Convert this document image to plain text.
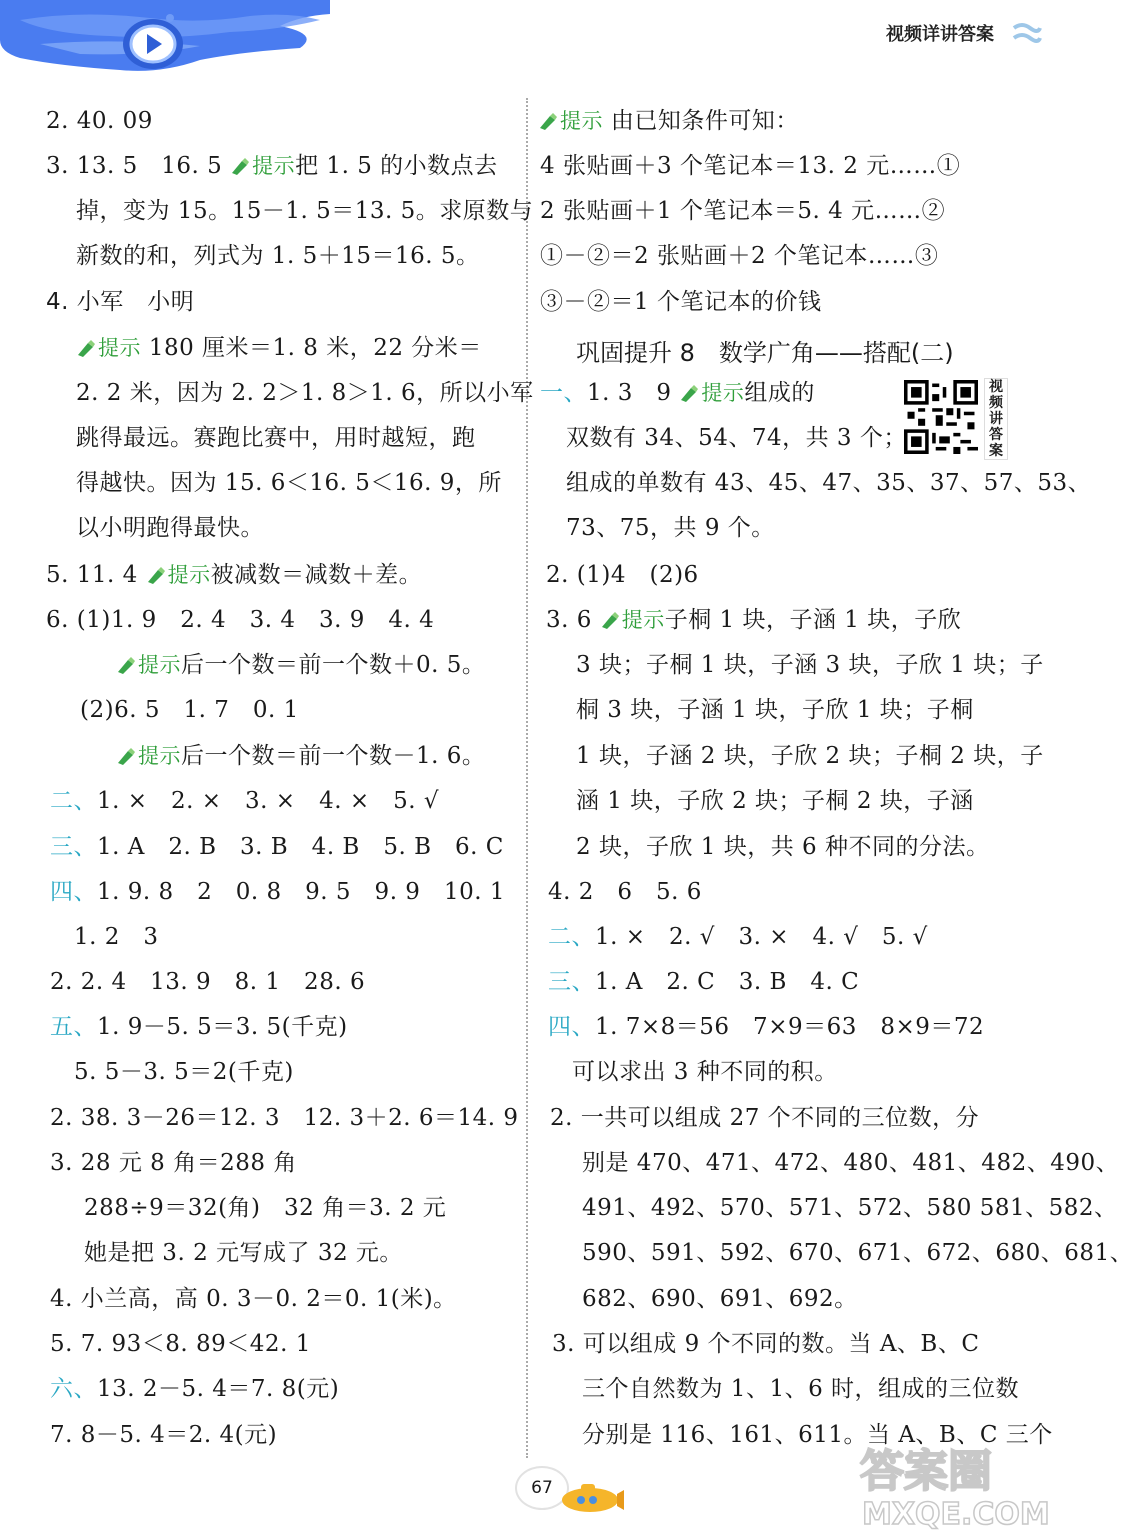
视频详讲答案
2. 40. 09
3. 13. 5　16. 5 提示把 1. 5 的小数点去
掉，变为 15。15－1. 5＝13. 5。求原数与
新数的和，列式为 1. 5＋15＝16. 5。
4. 小军　小明
提示 180 厘米＝1. 8 米，22 分米＝
2. 2 米，因为 2. 2＞1. 8＞1. 6，所以小军
跳得最远。赛跑比赛中，用时越短，跑
得越快。因为 15. 6＜16. 5＜16. 9，所
以小明跑得最快。
5. 11. 4 提示被减数＝减数＋差。
6. (1)1. 9　2. 4　3. 4　3. 9　4. 4
提示后一个数＝前一个数＋0. 5。
(2)6. 5　1. 7　0. 1
提示后一个数＝前一个数－1. 6。
二、1. ×　2. ×　3. ×　4. ×　5. √
三、1. A　2. B　3. B　4. B　5. B　6. C
四、1. 9. 8　2　0. 8　9. 5　9. 9　10. 1
1. 2　3
2. 2. 4　13. 9　8. 1　28. 6
五、1. 9－5. 5＝3. 5(千克)
5. 5－3. 5＝2(千克)
2. 38. 3－26＝12. 3　12. 3＋2. 6＝14. 9
3. 28 元 8 角＝288 角
288÷9＝32(角)　32 角＝3. 2 元
她是把 3. 2 元写成了 32 元。
4. 小兰高，高 0. 3－0. 2＝0. 1(米)。
5. 7. 93＜8. 89＜42. 1
六、13. 2－5. 4＝7. 8(元)
7. 8－5. 4＝2. 4(元)
提示 由已知条件可知：
4 张贴画＋3 个笔记本＝13. 2 元……①
2 张贴画＋1 个笔记本＝5. 4 元……②
①－②＝2 张贴画＋2 个笔记本……③
③－②＝1 个笔记本的价钱
巩固提升 8　数学广角——搭配(二)
一、1. 3　9 提示组成的	视频讲答案
双数有 34、54、74，共 3 个；
组成的单数有 43、45、47、35、37、57、53、
73、75，共 9 个。
2. (1)4　(2)6
3. 6 提示子桐 1 块，子涵 1 块，子欣
3 块；子桐 1 块，子涵 3 块，子欣 1 块；子
桐 3 块，子涵 1 块，子欣 1 块；子桐
1 块，子涵 2 块，子欣 2 块；子桐 2 块，子
涵 1 块，子欣 2 块；子桐 2 块，子涵
2 块，子欣 1 块，共 6 种不同的分法。
4. 2　6　5. 6
二、1. ×　2. √　3. ×　4. √　5. √
三、1. A　2. C　3. B　4. C
四、1. 7×8＝56　7×9＝63　8×9＝72
可以求出 3 种不同的积。
2. 一共可以组成 27 个不同的三位数，分
别是 470、471、472、480、481、482、490、
491、492、570、571、572、580 581、582、
590、591、592、670、671、672、680、681、
682、690、691、692。
3. 可以组成 9 个不同的数。当 A、B、C
三个自然数为 1、1、6 时，组成的三位数
分别是 116、161、611。当 A、B、C 三个
67	答案圈
MXQE.COM
